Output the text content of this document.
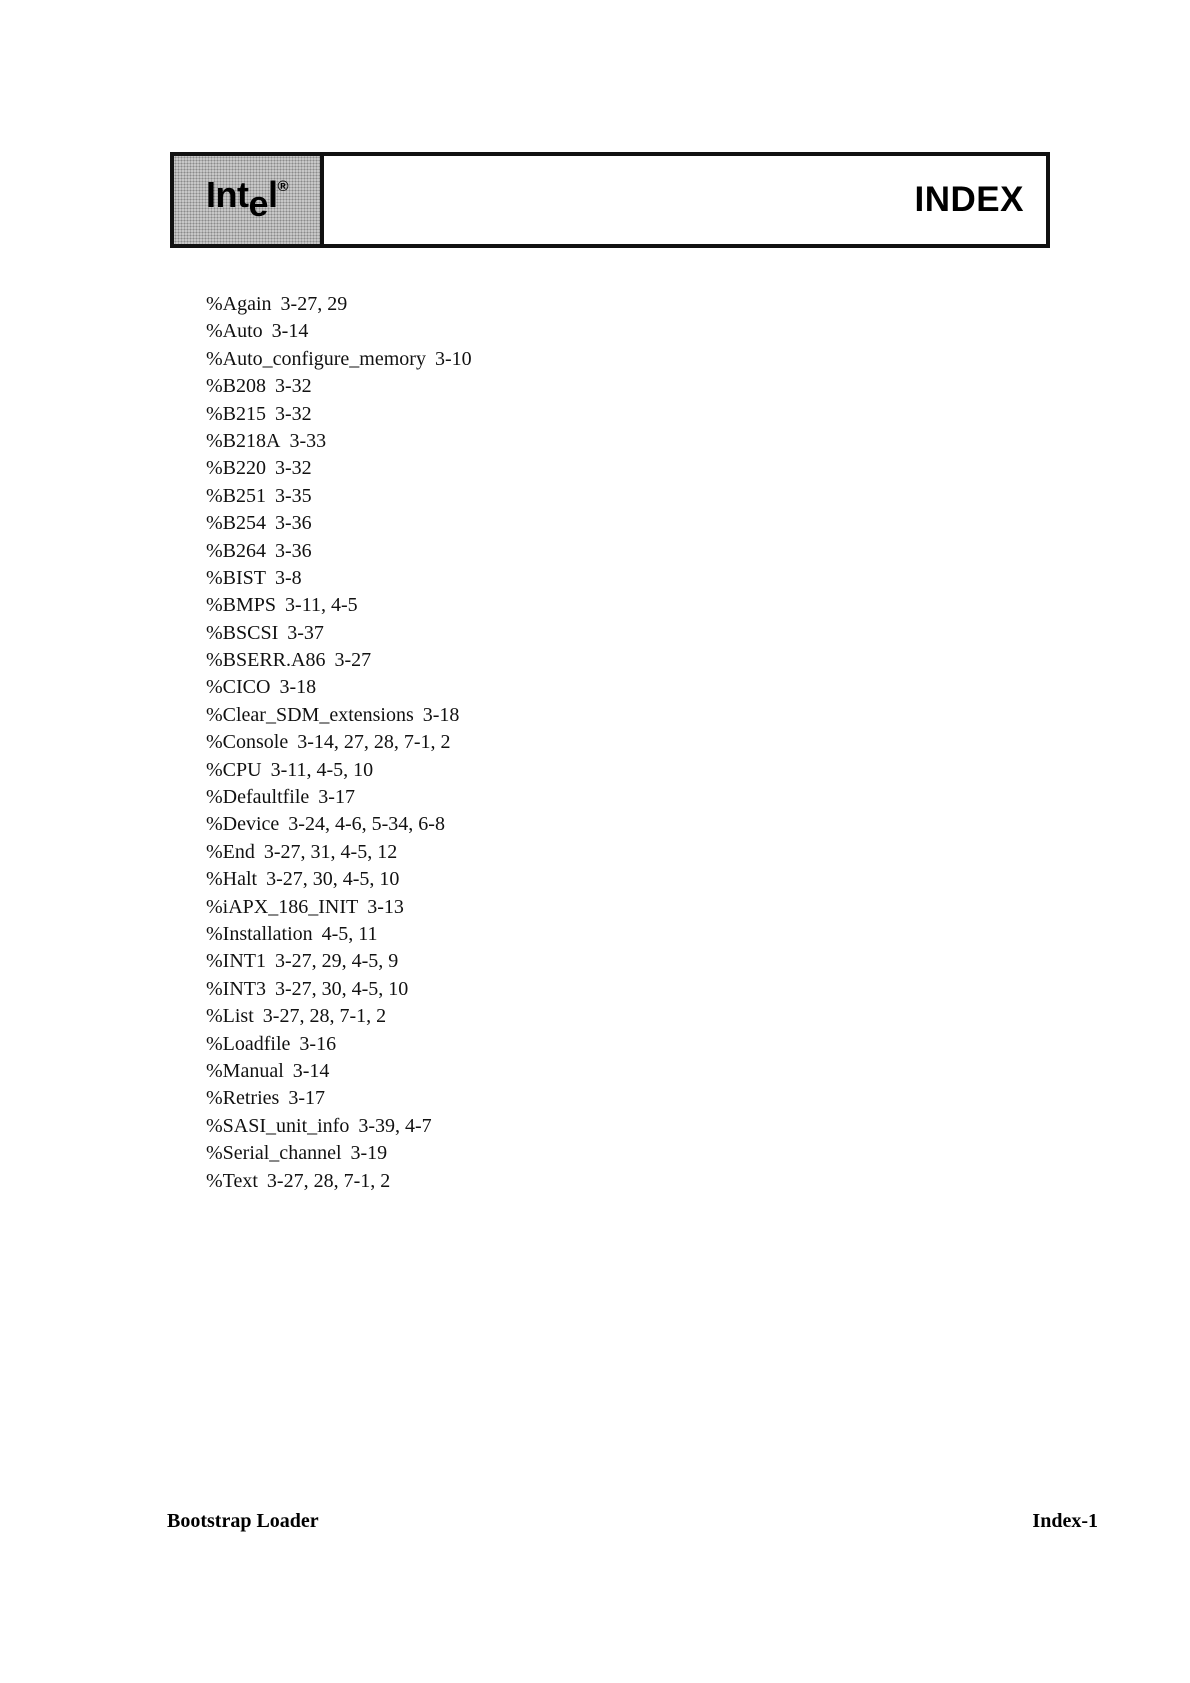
Intel®	INDEX
%Again 3-27, 29
%Auto 3-14
%Auto_configure_memory 3-10
%B208 3-32
%B215 3-32
%B218A 3-33
%B220 3-32
%B251 3-35
%B254 3-36
%B264 3-36
%BIST 3-8
%BMPS 3-11, 4-5
%BSCSI 3-37
%BSERR.A86 3-27
%CICO 3-18
%Clear_SDM_extensions 3-18
%Console 3-14, 27, 28, 7-1, 2
%CPU 3-11, 4-5, 10
%Defaultfile 3-17
%Device 3-24, 4-6, 5-34, 6-8
%End 3-27, 31, 4-5, 12
%Halt 3-27, 30, 4-5, 10
%iAPX_186_INIT 3-13
%Installation 4-5, 11
%INT1 3-27, 29, 4-5, 9
%INT3 3-27, 30, 4-5, 10
%List 3-27, 28, 7-1, 2
%Loadfile 3-16
%Manual 3-14
%Retries 3-17
%SASI_unit_info 3-39, 4-7
%Serial_channel 3-19
%Text 3-27, 28, 7-1, 2
Bootstrap Loader	Index-1
